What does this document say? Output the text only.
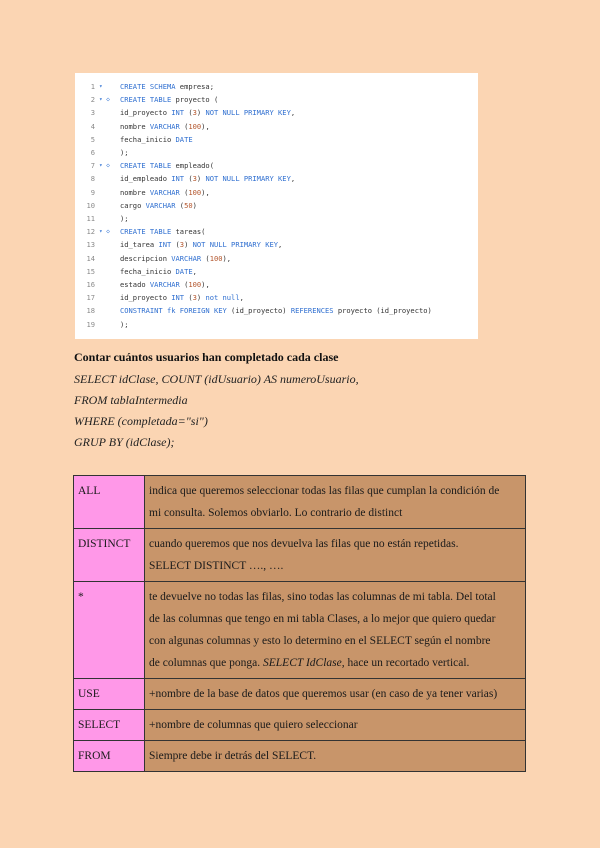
1 ▾	CREATE SCHEMA empresa;
2 ▾ ◇	CREATE TABLE proyecto (
3	id_proyecto INT (3) NOT NULL PRIMARY KEY,
4	nombre VARCHAR (100),
5	fecha_inicio DATE
6	);
7 ▾ ◇	CREATE TABLE empleado(
8	id_empleado INT (3) NOT NULL PRIMARY KEY,
9	nombre VARCHAR (100),
10	cargo VARCHAR (50)
11	);
12 ▾ ◇	CREATE TABLE tareas(
13	id_tarea INT (3) NOT NULL PRIMARY KEY,
14	descripcion VARCHAR (100),
15	fecha_inicio DATE,
16	estado VARCHAR (100),
17	id_proyecto INT (3) not null,
18	CONSTRAINT fk FOREIGN KEY (id_proyecto) REFERENCES proyecto (id_proyecto)
19	);
Contar cuántos usuarios han completado cada clase
SELECT idClase, COUNT (idUsuario) AS numeroUsuario,
FROM tablaIntermedia
WHERE (completada="si")
GRUP BY (idClase);
ALL	indica que queremos seleccionar todas las filas que cumplan la condición de
mi consulta. Solemos obviarlo. Lo contrario de distinct

DISTINCT	cuando queremos que nos devuelva las filas que no están repetidas.
SELECT DISTINCT …., ….

*	te devuelve no todas las filas, sino todas las columnas de mi tabla. Del total
de las columnas que tengo en mi tabla Clases, a lo mejor que quiero quedar
con algunas columnas y esto lo determino en el SELECT según el nombre
de columnas que ponga. SELECT IdClase, hace un recortado vertical.

USE	+nombre de la base de datos que queremos usar (en caso de ya tener varias)

SELECT	+nombre de columnas que quiero seleccionar

FROM	Siempre debe ir detrás del SELECT.
